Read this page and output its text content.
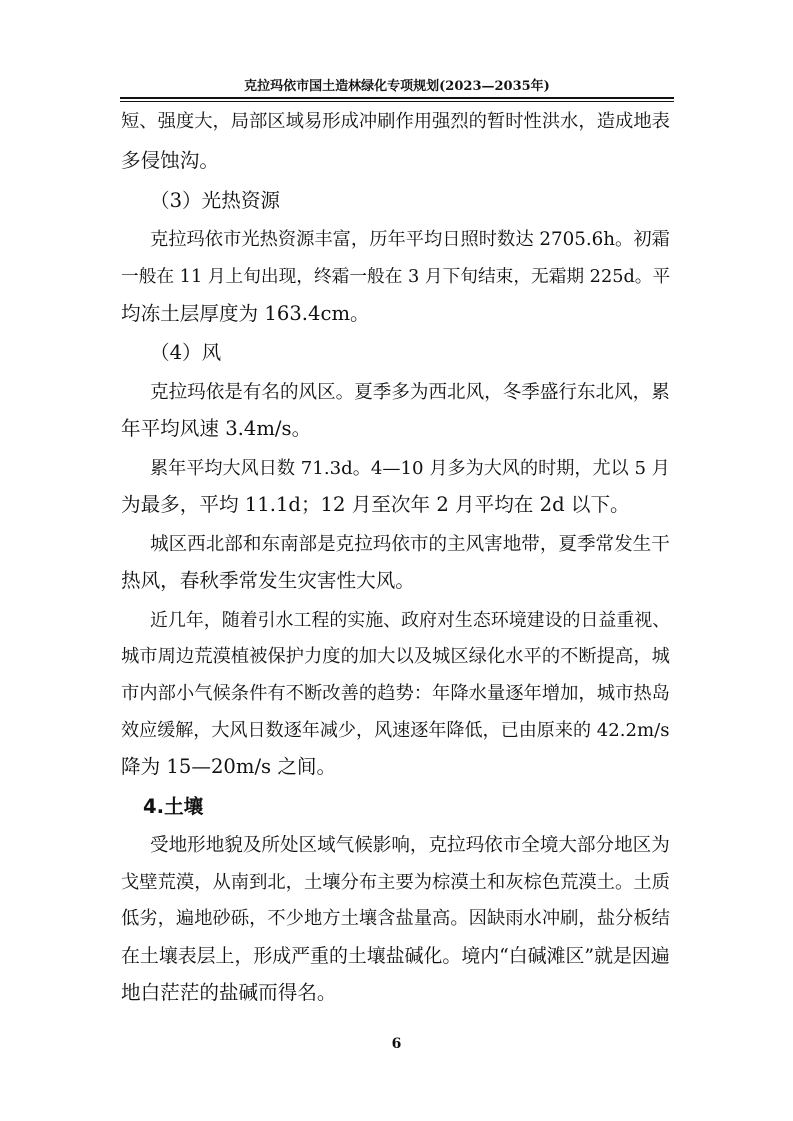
克拉玛依市国土造林绿化专项规划(2023—2035年)

短、强度大，局部区域易形成冲刷作用强烈的暂时性洪水，造成地表

多侵蚀沟。

（3）光热资源

克拉玛依市光热资源丰富，历年平均日照时数达 2705.6h。初霜

一般在 11 月上旬出现，终霜一般在 3 月下旬结束，无霜期 225d。平

均冻土层厚度为 163.4cm。

（4）风

克拉玛依是有名的风区。夏季多为西北风，冬季盛行东北风，累

年平均风速 3.4m/s。

累年平均大风日数 71.3d。4—10 月多为大风的时期，尤以 5 月

为最多，平均 11.1d；12 月至次年 2 月平均在 2d 以下。

城区西北部和东南部是克拉玛依市的主风害地带，夏季常发生干

热风，春秋季常发生灾害性大风。

近几年，随着引水工程的实施、政府对生态环境建设的日益重视、

城市周边荒漠植被保护力度的加大以及城区绿化水平的不断提高，城

市内部小气候条件有不断改善的趋势：年降水量逐年增加，城市热岛

效应缓解，大风日数逐年减少，风速逐年降低，已由原来的 42.2m/s

降为 15—20m/s 之间。

4.土壤

受地形地貌及所处区域气候影响，克拉玛依市全境大部分地区为

戈壁荒漠，从南到北，土壤分布主要为棕漠土和灰棕色荒漠土。土质

低劣，遍地砂砾，不少地方土壤含盐量高。因缺雨水冲刷，盐分板结

在土壤表层上，形成严重的土壤盐碱化。境内“白碱滩区”就是因遍

地白茫茫的盐碱而得名。

6
